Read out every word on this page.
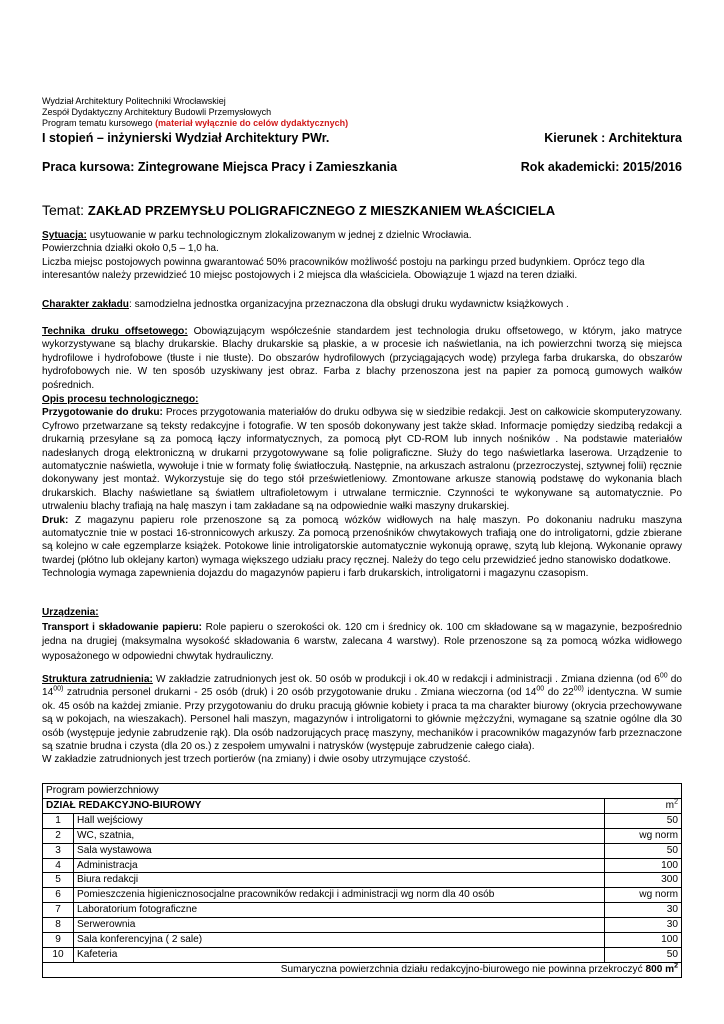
Wydział Architektury Politechniki Wrocławskiej
Zespół Dydaktyczny Architektury Budowli Przemysłowych
Program tematu kursowego (materiał wyłącznie do celów dydaktycznych)
I stopień – inżynierski Wydział Architektury PWr.	Kierunek : Architektura
Praca kursowa: Zintegrowane Miejsca Pracy i Zamieszkania	Rok akademicki: 2015/2016
Temat: ZAKŁAD PRZEMYSŁU POLIGRAFICZNEGO Z MIESZKANIEM WŁAŚCICIELA
Sytuacja: usytuowanie w parku technologicznym zlokalizowanym w jednej z dzielnic Wrocławia.
Powierzchnia działki około 0,5 – 1,0 ha.
Liczba miejsc postojowych powinna gwarantować 50% pracowników możliwość postoju na parkingu przed budynkiem. Oprócz tego dla interesantów należy przewidzieć 10 miejsc postojowych i 2 miejsca dla właściciela. Obowiązuje 1 wjazd na teren działki.
Charakter zakładu: samodzielna jednostka organizacyjna przeznaczona dla obsługi druku wydawnictw książkowych .
Technika druku offsetowego: Obowiązującym współcześnie standardem jest technologia druku offsetowego, w którym, jako matryce wykorzystywane są blachy drukarskie. Blachy drukarskie są płaskie, a w procesie ich naświetlania, na ich powierzchni tworzą się miejsca hydrofilowe i hydrofobowe (tłuste i nie tłuste). Do obszarów hydrofilowych (przyciągających wodę) przylega farba drukarska, do obszarów hydrofobowych nie. W ten sposób uzyskiwany jest obraz. Farba z blachy przenoszona jest na papier za pomocą gumowych wałków pośrednich.
Opis procesu technologicznego:
Przygotowanie do druku: Proces przygotowania materiałów do druku odbywa się w siedzibie redakcji. Jest on całkowicie skomputeryzowany. Cyfrowo przetwarzane są teksty redakcyjne i fotografie. W ten sposób dokonywany jest także skład. Informacje pomiędzy siedzibą redakcji a drukarnią przesyłane są za pomocą łączy informatycznych, za pomocą płyt CD-ROM lub innych nośników . Na podstawie materiałów nadesłanych drogą elektroniczną w drukarni przygotowywane są folie poligraficzne. Służy do tego naświetlarka laserowa. Urządzenie to automatycznie naświetla, wywołuje i tnie w formaty folię światłoczułą. Następnie, na arkuszach astralonu (przezroczystej, sztywnej folii) ręcznie dokonywany jest montaż. Wykorzystuje się do tego stół prześwietleniowy. Zmontowane arkusze stanowią podstawę do wykonania blach drukarskich. Blachy naświetlane są światłem ultrafioletowym i utrwalane termicznie. Czynności te wykonywane są automatycznie. Po utrwaleniu blachy trafiają na halę maszyn i tam zakładane są na odpowiednie wałki maszyny drukarskiej.
Druk: Z magazynu papieru role przenoszone są za pomocą wózków widłowych na halę maszyn. Po dokonaniu nadruku maszyna automatycznie tnie w postaci 16-stronnicowych arkuszy. Za pomocą przenośników chwytakowych trafiają one do introligatorni, gdzie zbierane są kolejno w całe egzemplarze książek. Potokowe linie introligatorskie automatycznie wykonują oprawę, szytą lub klejoną. Wykonanie oprawy twardej (płótno lub oklejany karton) wymaga większego udziału pracy ręcznej. Należy do tego celu przewidzieć jedno stanowisko dodatkowe.
Technologia wymaga zapewnienia dojazdu do magazynów papieru i farb drukarskich, introligatorni i magazynu czasopism.
Urządzenia:
Transport i składowanie papieru: Role papieru o szerokości ok. 120 cm i średnicy ok. 100 cm składowane są w magazynie, bezpośrednio jedna na drugiej (maksymalna wysokość składowania 6 warstw, zalecana 4 warstwy). Role przenoszone są za pomocą wózka widłowego wyposażonego w odpowiedni chwytak hydrauliczny.
Struktura zatrudnienia: W zakładzie zatrudnionych jest ok. 50 osób w produkcji i ok.40 w redakcji i administracji . Zmiana dzienna (od $6^{00}$ do 14$^{00)}$ zatrudnia personel drukarni - 25 osób (druk) i 20 osób przygotowanie druku . Zmiana wieczorna (od $14^{00}$ do 22$^{00)}$ identyczna. W sumie ok. 45 osób na każdej zmianie. Przy przygotowaniu do druku pracują głównie kobiety i praca ta ma charakter biurowy (okrycia przechowywane są w pokojach, na wieszakach). Personel hali maszyn, magazynów i introligatorni to głównie mężczyźni, wymagane są szatnie ogólne dla 30 osób (występuje jedynie zabrudzenie rąk). Dla osób nadzorujących pracę maszyny, mechaników i pracowników magazynów farb przeznaczone są szatnie brudna i czysta (dla 20 os.) z zespołem umywalni i natrysków (występuje zabrudzenie całego ciała).
W zakładzie zatrudnionych jest trzech portierów (na zmiany) i dwie osoby utrzymujące czystość.
Program powierzchniowy		
DZIAŁ REDAKCYJNO-BIUROWY		$m^2$
1	Hall wejściowy	50
2	WC, szatnia,	wg norm
3	Sala wystawowa	50
4	Administracja	100
5	Biura redakcji	300
6	Pomieszczenia higienicznosocjalne pracowników redakcji i administracji wg norm dla 40 osób	wg norm
7	Laboratorium fotograficzne	30
8	Serwerownia	30
9	Sala konferencyjna ( 2 sale)	100
10	Kafeteria	50
Sumaryczna powierzchnia działu redakcyjno-biurowego nie powinna przekroczyć 800 $m^2$
